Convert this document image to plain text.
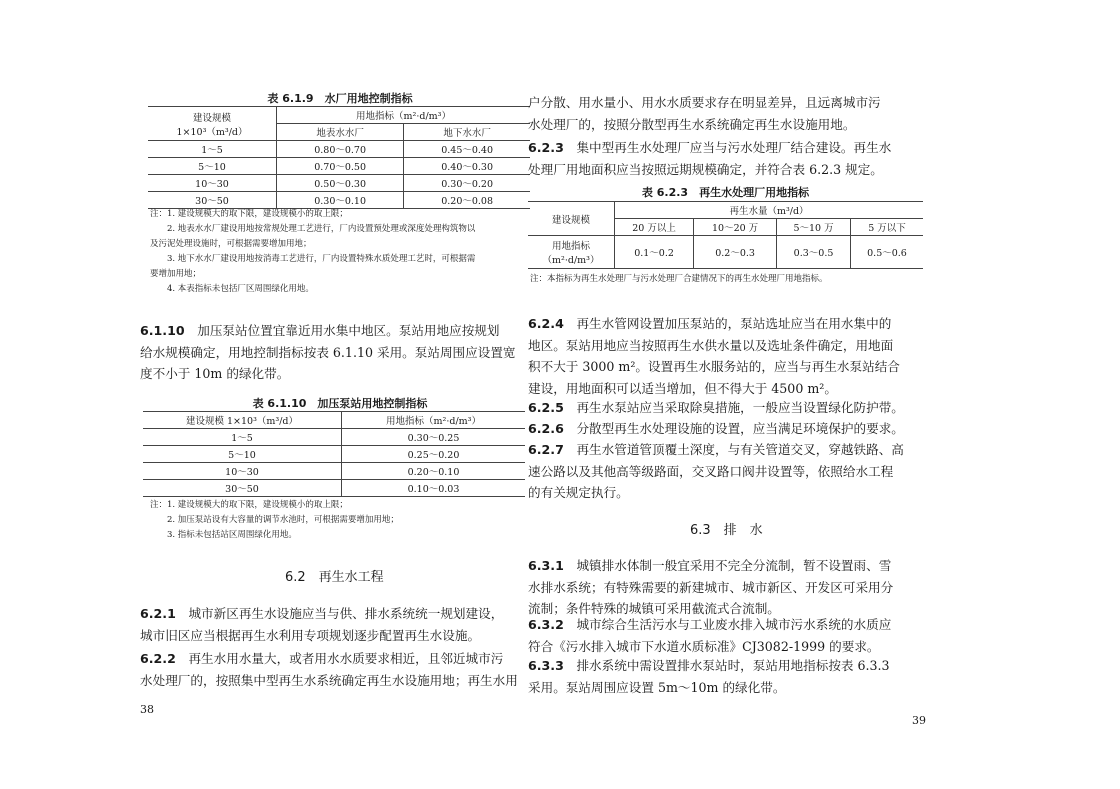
表 6.1.9　水厂用地控制指标
建设规模
1×10³（m³/d）	用地指标（m²·d/m³）	
	地表水水厂	地下水水厂
1～5	0.80～0.70	0.45～0.40
5～10	0.70～0.50	0.40～0.30
10～30	0.50～0.30	0.30～0.20
30～50	0.30～0.10	0.20～0.08

注：1. 建设规模大的取下限，建设规模小的取上限；

　　2. 地表水水厂建设用地按常规处理工艺进行，厂内设置预处理或深度处理构筑物以

及污泥处理设施时，可根据需要增加用地；

　　3. 地下水水厂建设用地按消毒工艺进行，厂内设置特殊水质处理工艺时，可根据需

要增加用地；

　　4. 本表指标未包括厂区周围绿化用地。

6.1.10　 加压泵站位置宜靠近用水集中地区。泵站用地应按规划

给水规模确定，用地控制指标按表 6.1.10 采用。泵站周围应设置宽

度不小于 10m 的绿化带。

表 6.1.10　加压泵站用地控制指标
建设规模 1×10³（m³/d）	用地指标（m²·d/m³）
1～5	0.30～0.25
5～10	0.25～0.20
10～30	0.20～0.10
30～50	0.10～0.03

注：1. 建设规模大的取下限，建设规模小的取上限；

　　2. 加压泵站设有大容量的调节水池时，可根据需要增加用地；

　　3. 指标未包括站区周围绿化用地。

6.2　再生水工程

6.2.1　 城市新区再生水设施应当与供、排水系统统一规划建设，

城市旧区应当根据再生水利用专项规划逐步配置再生水设施。

6.2.2　 再生水用水量大，或者用水水质要求相近，且邻近城市污

水处理厂的，按照集中型再生水系统确定再生水设施用地；再生水用

38

户分散、用水量小、用水水质要求存在明显差异，且远离城市污

水处理厂的，按照分散型再生水系统确定再生水设施用地。

6.2.3　 集中型再生水处理厂应当与污水处理厂结合建设。再生水

处理厂用地面积应当按照远期规模确定，并符合表 6.2.3 规定。

表 6.2.3　再生水处理厂用地指标
建设规模	再生水量（m³/d）			
	20 万以上	10～20 万	5～10 万	5 万以下

用地指标
（m²·d/m³）	0.1～0.2	0.2～0.3	0.3～0.5	0.5～0.6
注：本指标为再生水处理厂与污水处理厂合建情况下的再生水处理厂用地指标。

6.2.4　 再生水管网设置加压泵站的，泵站选址应当在用水集中的

地区。泵站用地应当按照再生水供水量以及选址条件确定，用地面

积不大于 3000 m²。设置再生水服务站的，应当与再生水泵站结合

建设，用地面积可以适当增加，但不得大于 4500 m²。

6.2.5　 再生水泵站应当采取除臭措施，一般应当设置绿化防护带。

6.2.6　 分散型再生水处理设施的设置，应当满足环境保护的要求。

6.2.7　 再生水管道管顶覆土深度，与有关管道交叉，穿越铁路、高

速公路以及其他高等级路面，交叉路口阀井设置等，依照给水工程

的有关规定执行。

6.3　排　水

6.3.1　 城镇排水体制一般宜采用不完全分流制，暂不设置雨、雪

水排水系统；有特殊需要的新建城市、城市新区、开发区可采用分

流制；条件特殊的城镇可采用截流式合流制。

6.3.2　 城市综合生活污水与工业废水排入城市污水系统的水质应

符合《污水排入城市下水道水质标准》CJ3082-1999 的要求。

6.3.3　 排水系统中需设置排水泵站时，泵站用地指标按表 6.3.3

采用。泵站周围应设置 5m～10m 的绿化带。

39
